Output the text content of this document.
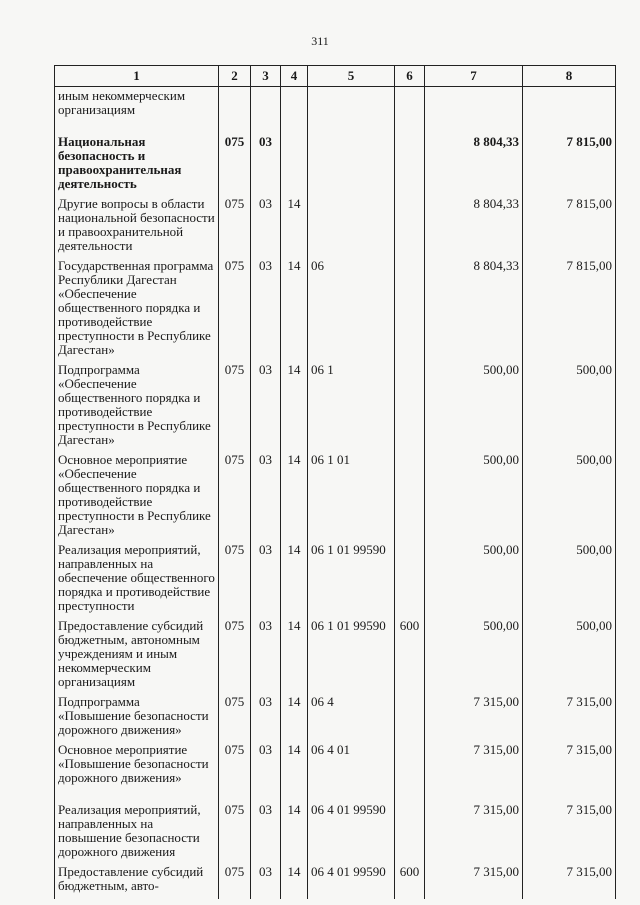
311
1	2	3	4	5	6	7	8
иным некоммерческим организациям							
Национальная безопасность и правоохранительная деятельность	075	03				8 804,33	7 815,00
Другие вопросы в области национальной безопасности и правоохранительной деятельности	075	03	14			8 804,33	7 815,00
Государственная программа Республики Дагестан «Обеспечение общественного порядка и противодействие преступности в Республике Дагестан»	075	03	14	06		8 804,33	7 815,00
Подпрограмма «Обеспечение общественного порядка и противодействие преступности в Республике Дагестан»	075	03	14	06 1		500,00	500,00
Основное мероприятие «Обеспечение общественного порядка и противодействие преступности в Республике Дагестан»	075	03	14	06 1 01		500,00	500,00
Реализация мероприятий, направленных на обеспечение общественного порядка и противодействие преступности	075	03	14	06 1 01 99590		500,00	500,00
Предоставление субсидий бюджетным, автономным учреждениям и иным некоммерческим организациям	075	03	14	06 1 01 99590	600	500,00	500,00
Подпрограмма «Повышение безопасности дорожного движения»	075	03	14	06 4		7 315,00	7 315,00
Основное мероприятие «Повышение безопасности дорожного движения»	075	03	14	06 4 01		7 315,00	7 315,00
Реализация мероприятий, направленных на повышение безопасности дорожного движения	075	03	14	06 4 01 99590		7 315,00	7 315,00
Предоставление субсидий бюджетным, авто-	075	03	14	06 4 01 99590	600	7 315,00	7 315,00
